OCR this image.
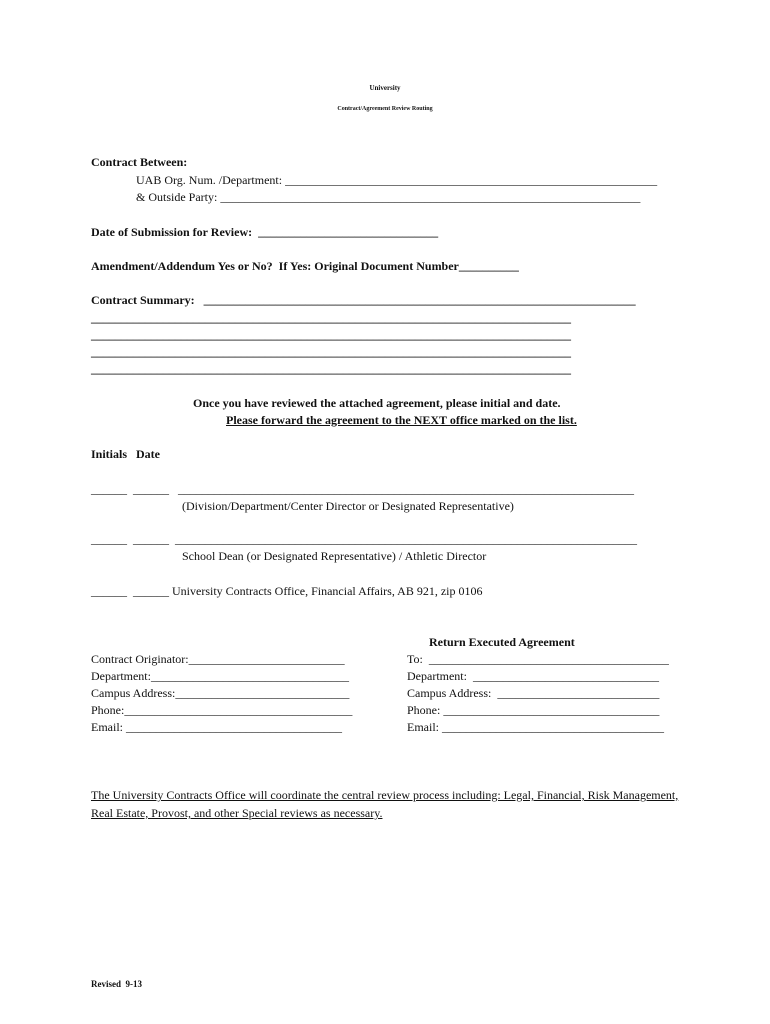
University
Contract/Agreement Review Routing
Contract Between:
UAB Org. Num. /Department: ______________________________________________________________
& Outside Party: ______________________________________________________________________
Date of Submission for Review:  ______________________________
Amendment/Addendum Yes or No?  If Yes: Original Document Number__________
Contract Summary:   ________________________________________________________________________
________________________________________________________________________________
________________________________________________________________________________
________________________________________________________________________________
________________________________________________________________________________
Once you have reviewed the attached agreement, please initial and date.
Please forward the agreement to the NEXT office marked on the list.
Initials   Date
______  ______   ____________________________________________________________________________
(Division/Department/Center Director or Designated Representative)
______  ______  _____________________________________________________________________________
School Dean (or Designated Representative) / Athletic Director
______  ______ University Contracts Office, Financial Affairs, AB 921, zip 0106
Return Executed Agreement
Contract Originator:__________________________
Department:_________________________________
Campus Address:_____________________________
Phone:______________________________________
Email: ____________________________________
To:  ________________________________________
Department:  _______________________________
Campus Address:  ___________________________
Phone: ____________________________________
Email: _____________________________________
The University Contracts Office will coordinate the central review process including: Legal, Financial, Risk Management,
Real Estate, Provost, and other Special reviews as necessary.
Revised  9-13
